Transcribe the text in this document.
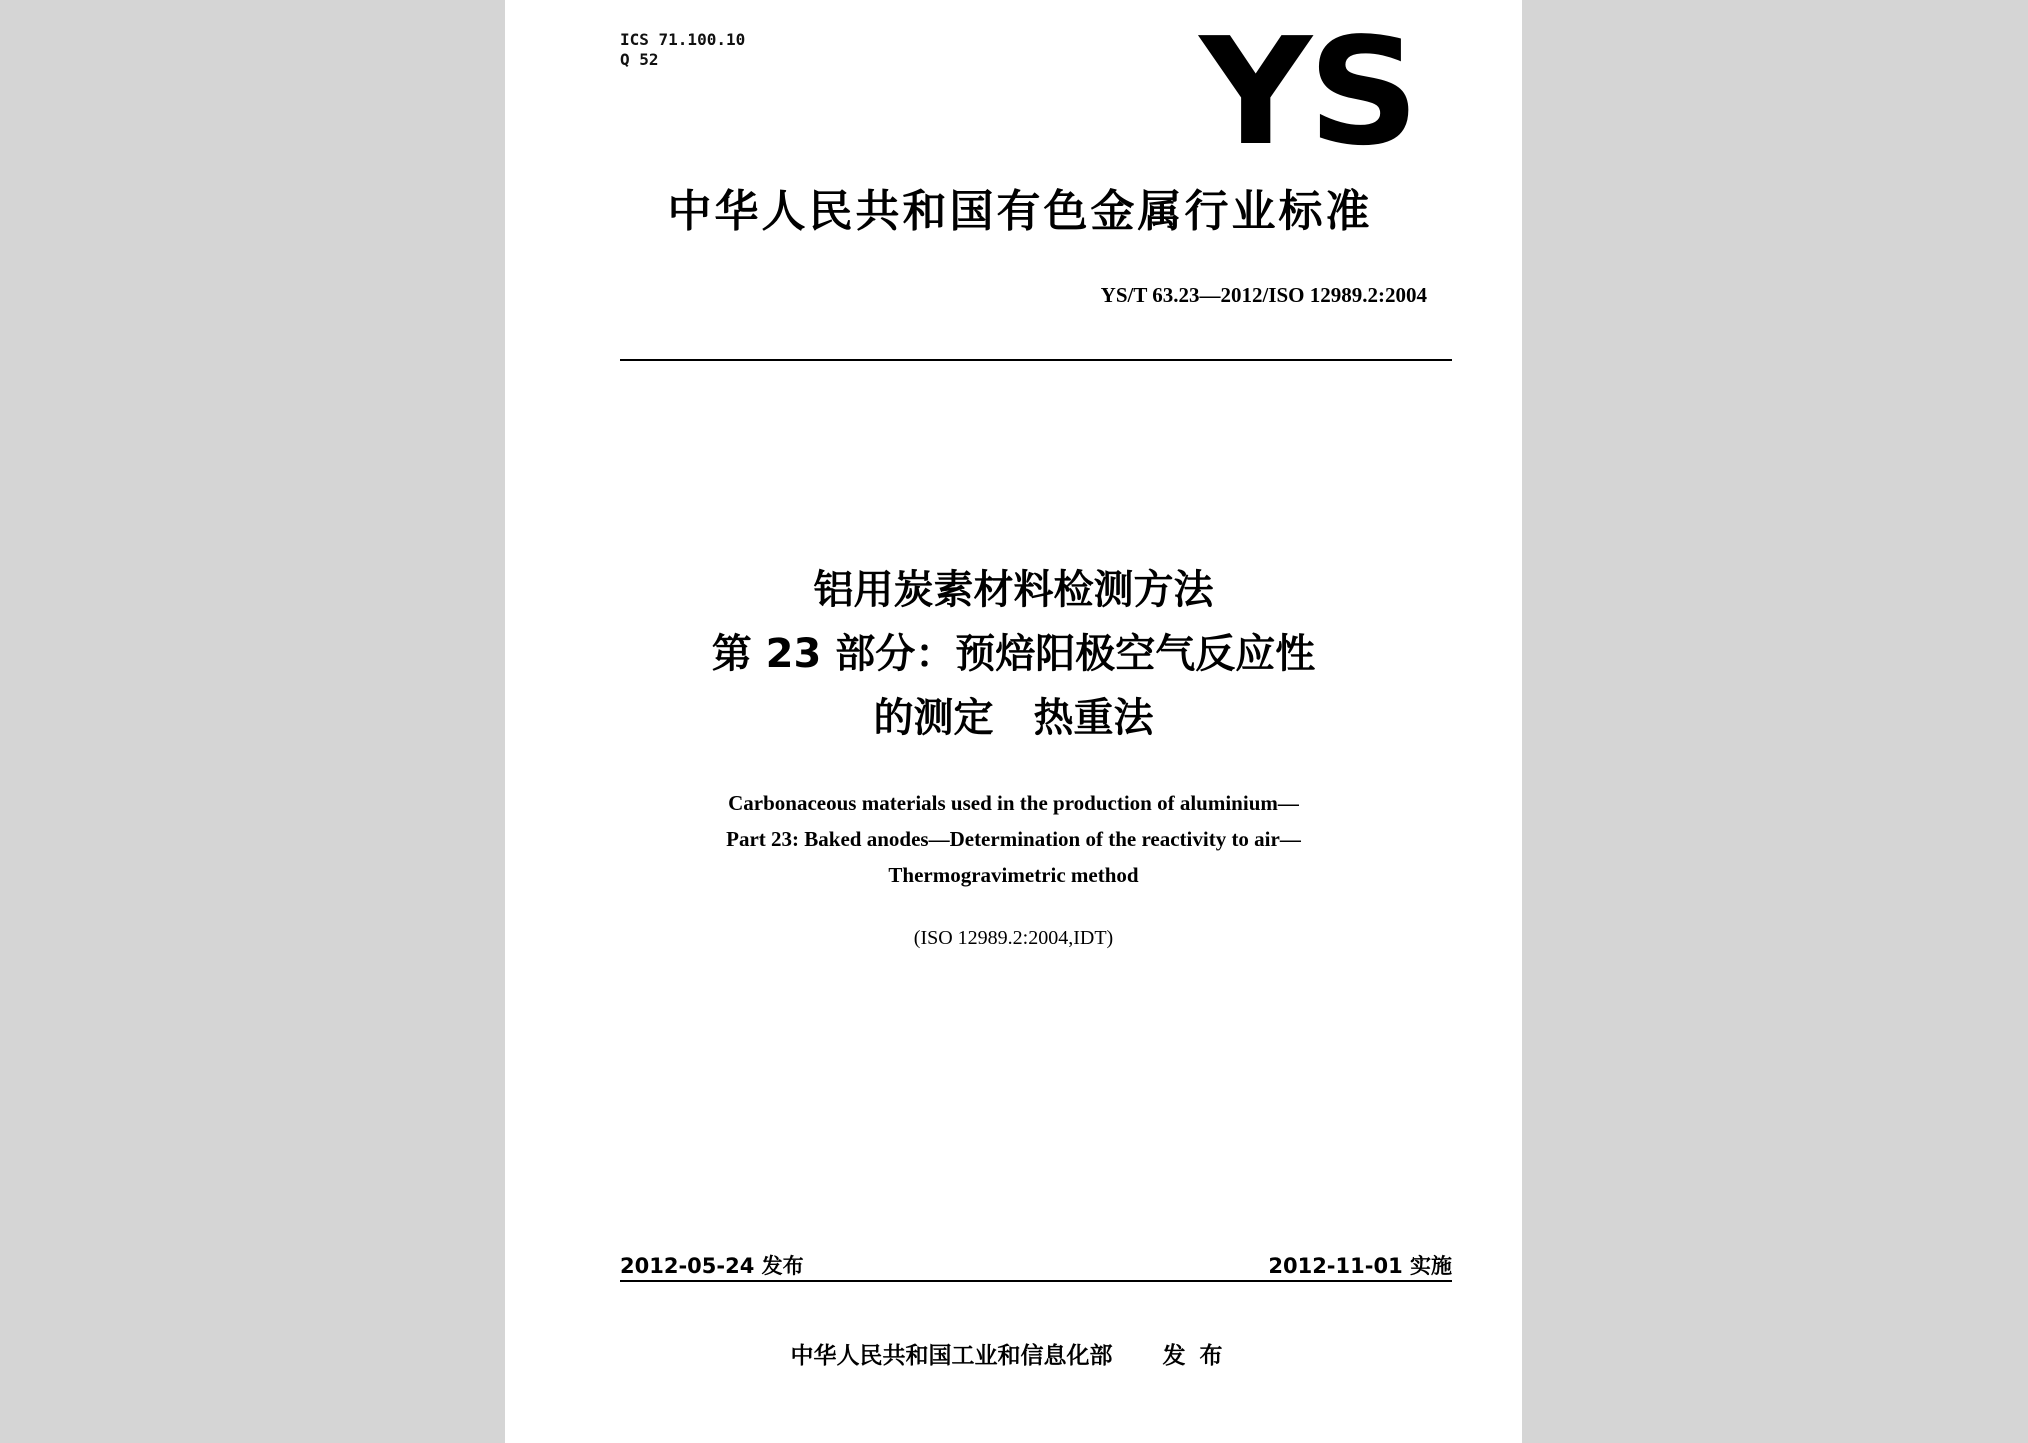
ICS 71.100.10
Q 52	YS
中华人民共和国有色金属行业标准
YS/T 63.23—2012/ISO 12989.2:2004
铝用炭素材料检测方法
第 23 部分：预焙阳极空气反应性
的测定　热重法
Carbonaceous materials used in the production of aluminium—
Part 23: Baked anodes—Determination of the reactivity to air—
Thermogravimetric method
(ISO 12989.2:2004,IDT)
2012-05-24 发布	2012-11-01 实施
中华人民共和国工业和信息化部 发布
